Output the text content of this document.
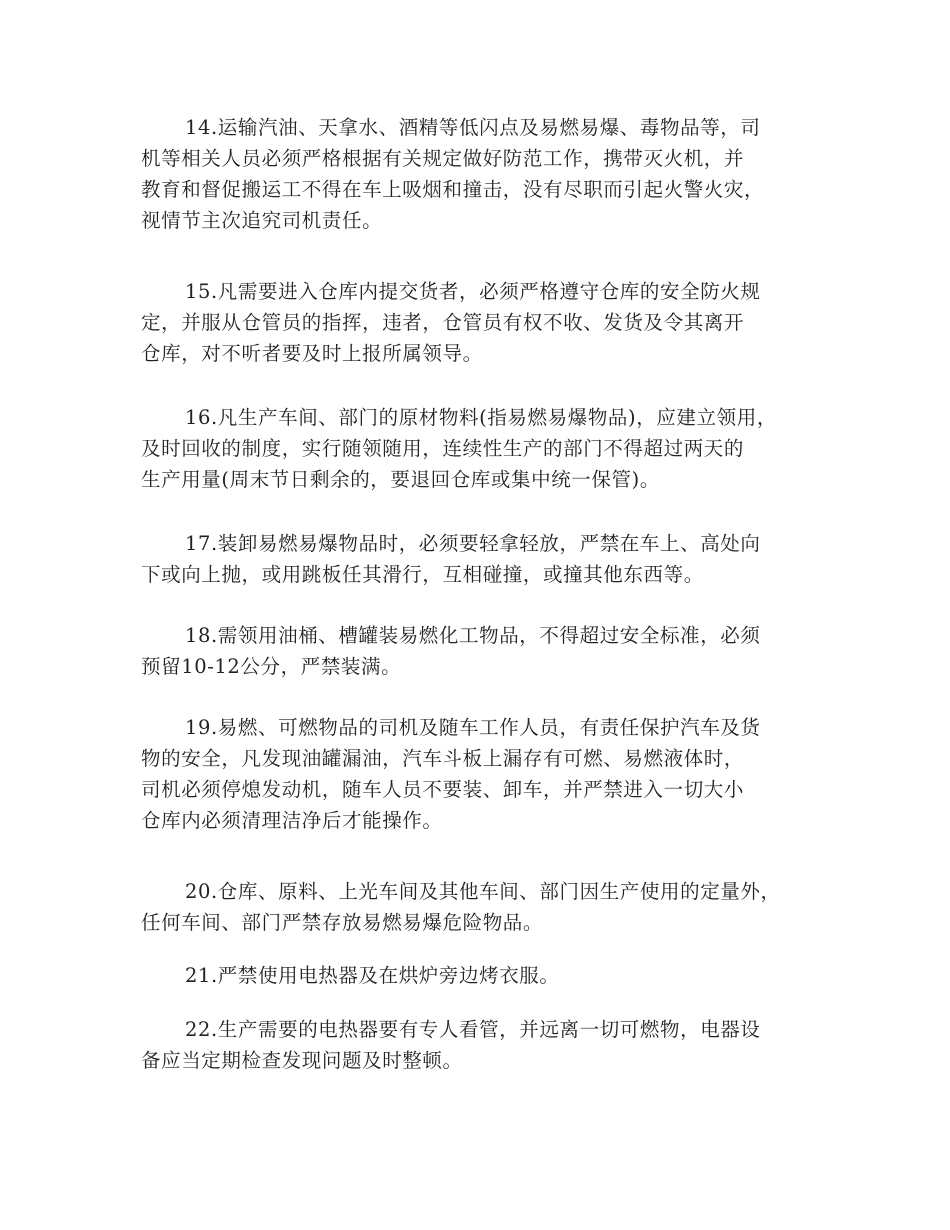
14.运输汽油、天拿水、酒精等低闪点及易燃易爆、毒物品等，司
机等相关人员必须严格根据有关规定做好防范工作，携带灭火机，并
教育和督促搬运工不得在车上吸烟和撞击，没有尽职而引起火警火灾，
视情节主次追究司机责任。
15.凡需要进入仓库内提交货者，必须严格遵守仓库的安全防火规
定，并服从仓管员的指挥，违者，仓管员有权不收、发货及令其离开
仓库，对不听者要及时上报所属领导。
16.凡生产车间、部门的原材物料(指易燃易爆物品)，应建立领用，
及时回收的制度，实行随领随用，连续性生产的部门不得超过两天的
生产用量(周末节日剩余的，要退回仓库或集中统一保管)。
17.装卸易燃易爆物品时，必须要轻拿轻放，严禁在车上、高处向
下或向上抛，或用跳板任其滑行，互相碰撞，或撞其他东西等。
18.需领用油桶、槽罐装易燃化工物品，不得超过安全标准，必须
预留10-12公分，严禁装满。
19.易燃、可燃物品的司机及随车工作人员，有责任保护汽车及货
物的安全，凡发现油罐漏油，汽车斗板上漏存有可燃、易燃液体时，
司机必须停熄发动机，随车人员不要装、卸车，并严禁进入一切大小
仓库内必须清理洁净后才能操作。
20.仓库、原料、上光车间及其他车间、部门因生产使用的定量外，
任何车间、部门严禁存放易燃易爆危险物品。
21.严禁使用电热器及在烘炉旁边烤衣服。
22.生产需要的电热器要有专人看管，并远离一切可燃物，电器设
备应当定期检查发现问题及时整顿。
